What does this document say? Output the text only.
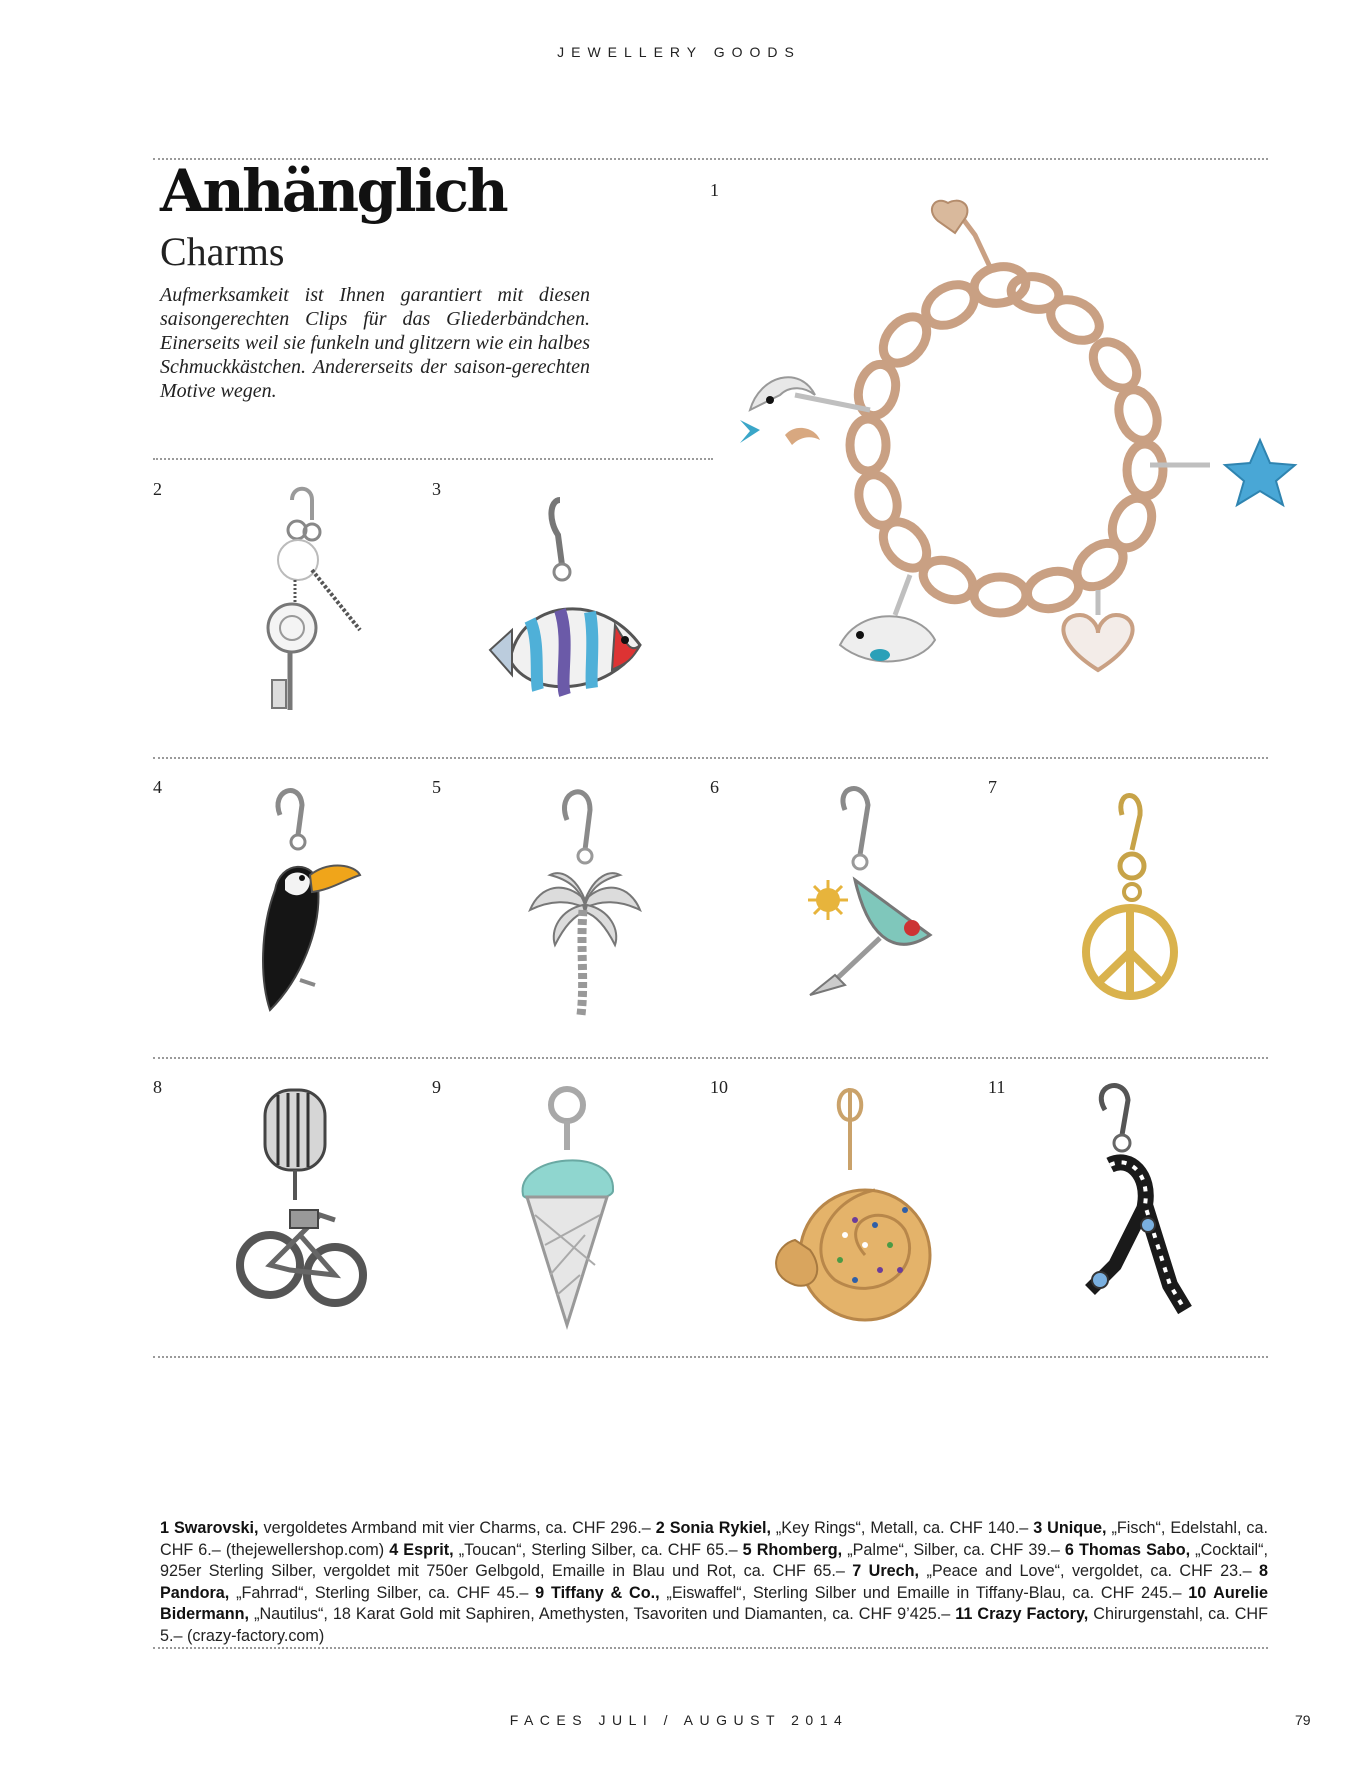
JEWELLERY GOODS
Anhänglich
Charms
Aufmerksamkeit ist Ihnen garantiert mit diesen saisongerechten Clips für das Gliederbändchen. Einerseits weil sie funkeln und glitzern wie ein halbes Schmuckkästchen. Andererseits der saison-gerechten Motive wegen.
1
2	3
4	5	6	7
8	9	10	11
1 Swarovski, vergoldetes Armband mit vier Charms, ca. CHF 296.– 2 Sonia Rykiel, „Key Rings“, Metall, ca. CHF 140.– 3 Unique, „Fisch“, Edelstahl, ca. CHF 6.– (thejewellershop.com) 4 Esprit, „Toucan“, Sterling Silber, ca. CHF 65.– 5 Rhomberg, „Palme“, Silber, ca. CHF 39.– 6 Thomas Sabo, „Cocktail“, 925er Sterling Silber, vergoldet mit 750er Gelbgold, Emaille in Blau und Rot, ca. CHF 65.– 7 Urech, „Peace and Love“, vergoldet, ca. CHF 23.– 8 Pandora, „Fahrrad“, Sterling Silber, ca. CHF 45.– 9 Tiffany & Co., „Eiswaffel“, Sterling Silber und Emaille in Tiffany-Blau, ca. CHF 245.– 10 Aurelie Bidermann, „Nautilus“, 18 Karat Gold mit Saphiren, Amethysten, Tsavoriten und Diamanten, ca. CHF 9’425.– 11 Crazy Factory, Chirurgenstahl, ca. CHF 5.– (crazy-factory.com)
FACES JULI / AUGUST 2014	79
